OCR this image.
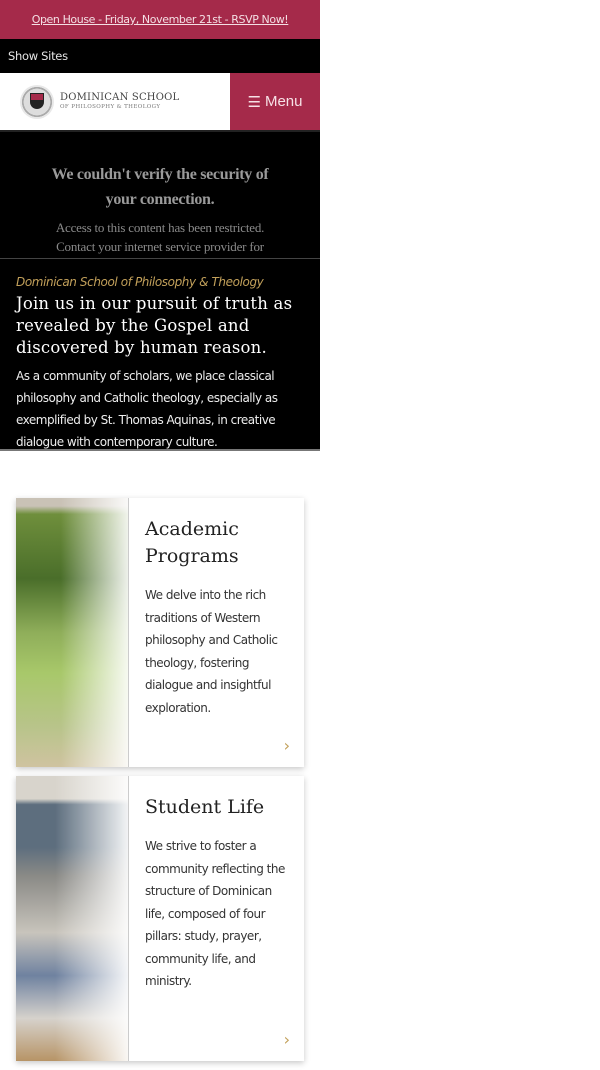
Open House - Friday, November 21st - RSVP Now!
Show Sites
DOMINICAN SCHOOL
OF PHILOSOPHY & THEOLOGY	☰ Menu
We couldn't verify the security of your connection.

Access to this content has been restricted.
Contact your internet service provider for

Dominican School of Philosophy & Theology
Join us in our pursuit of truth as revealed by the Gospel and discovered by human reason.
As a community of scholars, we place classical philosophy and Catholic theology, especially as exemplified by St. Thomas Aquinas, in creative dialogue with contemporary culture.
Academic Programs

We delve into the rich traditions of Western philosophy and Catholic theology, fostering dialogue and insightful exploration.

›
Student Life

We strive to foster a community reflecting the structure of Dominican life, composed of four pillars: study, prayer, community life, and ministry.

›
